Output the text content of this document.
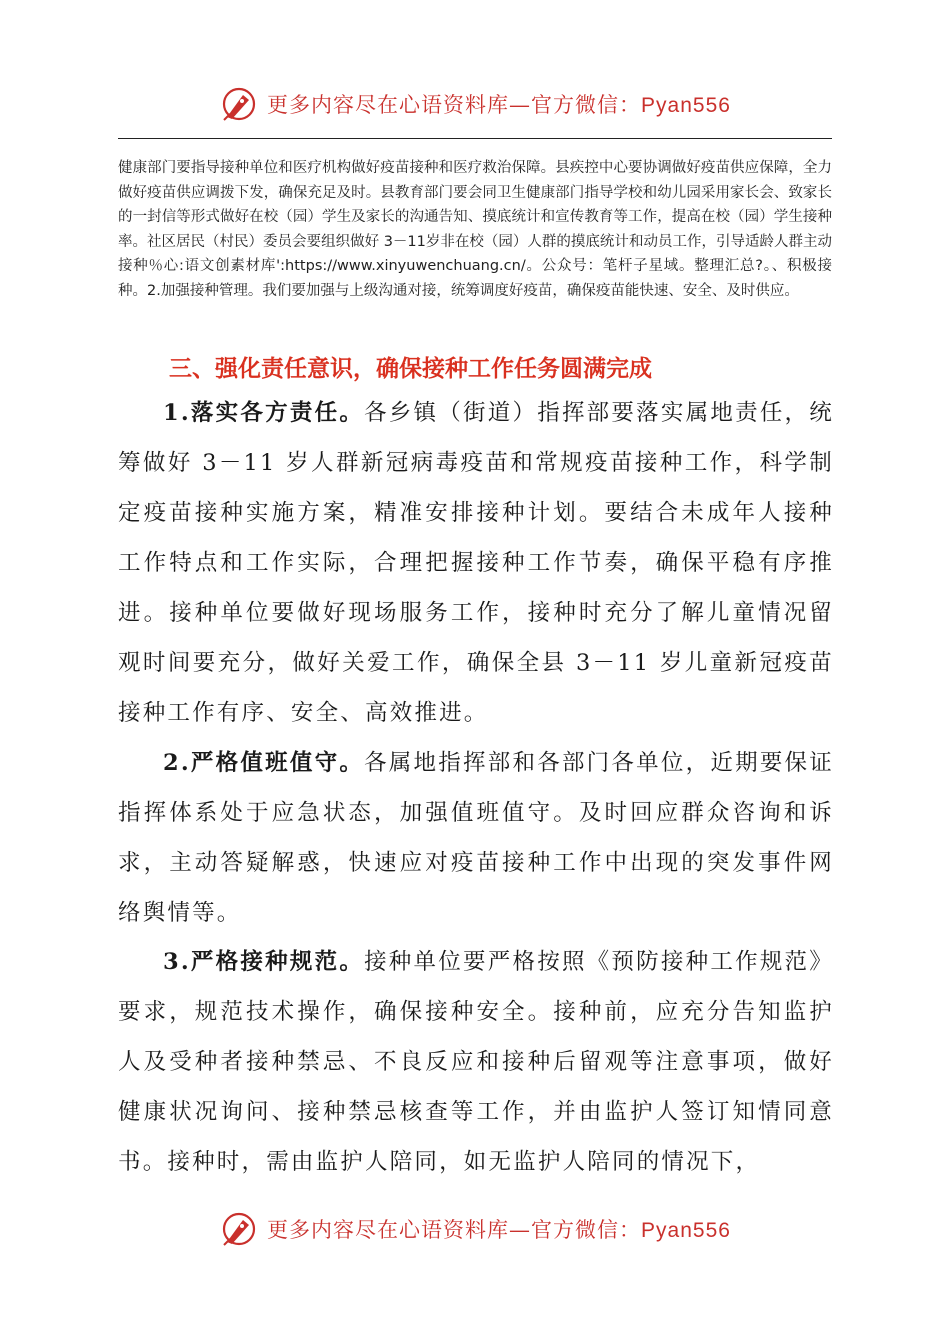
更多内容尽在心语资料库—官方微信：Pyan556

健康部门要指导接种单位和医疗机构做好疫苗接种和医疗救治保障。县疾控中心要协调做好疫苗供应保障，全力做好疫苗供应调拨下发，确保充足及时。县教育部门要会同卫生健康部门指导学校和幼儿园采用家长会、致家长的一封信等形式做好在校（园）学生及家长的沟通告知、摸底统计和宣传教育等工作，提高在校（园）学生接种率。社区居民（村民）委员会要组织做好 3－11岁非在校（园）人群的摸底统计和动员工作，引导适龄人群主动接种％心:语文创素材库':https://www.xinyuwenchuang.cn/。公众号：笔杆子星域。整理汇总?。、积极接种。2.加强接种管理。我们要加强与上级沟通对接，统筹调度好疫苗，确保疫苗能快速、安全、及时供应。

三、强化责任意识，确保接种工作任务圆满完成

1.落实各方责任。各乡镇（街道）指挥部要落实属地责任，统筹做好 3－11 岁人群新冠病毒疫苗和常规疫苗接种工作，科学制定疫苗接种实施方案，精准安排接种计划。要结合未成年人接种工作特点和工作实际，合理把握接种工作节奏，确保平稳有序推进。接种单位要做好现场服务工作，接种时充分了解儿童情况留观时间要充分，做好关爱工作，确保全县 3－11 岁儿童新冠疫苗接种工作有序、安全、高效推进。

2.严格值班值守。各属地指挥部和各部门各单位，近期要保证指挥体系处于应急状态，加强值班值守。及时回应群众咨询和诉求，主动答疑解惑，快速应对疫苗接种工作中出现的突发事件网络舆情等。

3.严格接种规范。接种单位要严格按照《预防接种工作规范》要求，规范技术操作，确保接种安全。接种前，应充分告知监护人及受种者接种禁忌、不良反应和接种后留观等注意事项，做好健康状况询问、接种禁忌核查等工作，并由监护人签订知情同意书。接种时，需由监护人陪同，如无监护人陪同的情况下，

更多内容尽在心语资料库—官方微信：Pyan556
